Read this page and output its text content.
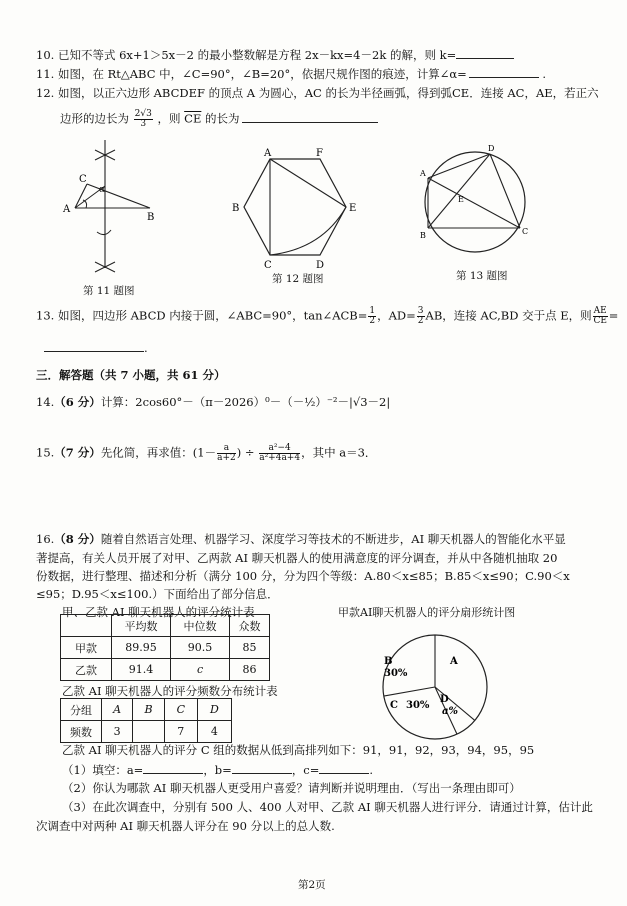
10. 已知不等式 6x+1＞5x－2 的最小整数解是方程 2x－kx=4－2k 的解，则 k=
11. 如图，在 Rt△ABC 中，∠C=90°，∠B=20°，依据尺规作图的痕迹，计算∠α=	.
12. 如图，以正六边形 ABCDEF 的顶点 A 为圆心，AC 的长为半径画弧，得到弧CE．连接 AC，AE，若正六
边形的边长为 $\frac{2√3}{3}$ ，则 $\overline{CE}$ 的长为
A
C
B
α
第 11 题图
A	F
B	E
C	D
第 12 题图
A
B	C
D
E
第 13 题图
13. 如图，四边形 ABCD 内接于圆，∠ABC=90°，tan∠ACB= $\frac{1}{2}$ ，$AD= \frac{3}{2}$ AB，连接 AC,BD 交于点 E，则 $\frac{AE}{CE}$ =
.
三．解答题（共 7 小题，共 61 分）
14.（6 分）计算：2cos60°－（π－2026）⁰－（－½）⁻²－|√3－2|
15.（7 分）先化简，再求值：($1- \frac{a}{a+2}$ ) ÷ $\frac{\text{a²−4}}{\text{a²+4a+4}}$ ，其中 a＝3．
16.（8 分）随着自然语言处理、机器学习、深度学习等技术的不断进步，AI 聊天机器人的智能化水平显
著提高，有关人员开展了对甲、乙两款 AI 聊天机器人的使用满意度的评分调查，并从中各随机抽取 20
份数据，进行整理、描述和分析（满分 100 分，分为四个等级：A.80＜x≤85；B.85＜x≤90；C.90＜x
≤95；D.95＜x≤100.）下面给出了部分信息．
甲、乙款 AI 聊天机器人的评分统计表
	平均数	中位数	众数
甲款	89.95	90.5	85
乙款	91.4	c	86
乙款 AI 聊天机器人的评分频数分布统计表
分组	A	B	C	D
频数	3		7	4
甲款AI聊天机器人的评分扇形统计图
A
B
30%
C 30%
D
a%
乙款 AI 聊天机器人的评分 C 组的数据从低到高排列如下：91，91，92，93，94，95，95
（1）填空：a=	，b=	，c=	.
（2）你认为哪款 AI 聊天机器人更受用户喜爱？请判断并说明理由．（写出一条理由即可）
（3）在此次调查中，分别有 500 人、400 人对甲、乙款 AI 聊天机器人进行评分．请通过计算，估计此
次调查中对两种 AI 聊天机器人评分在 90 分以上的总人数.
第2页
